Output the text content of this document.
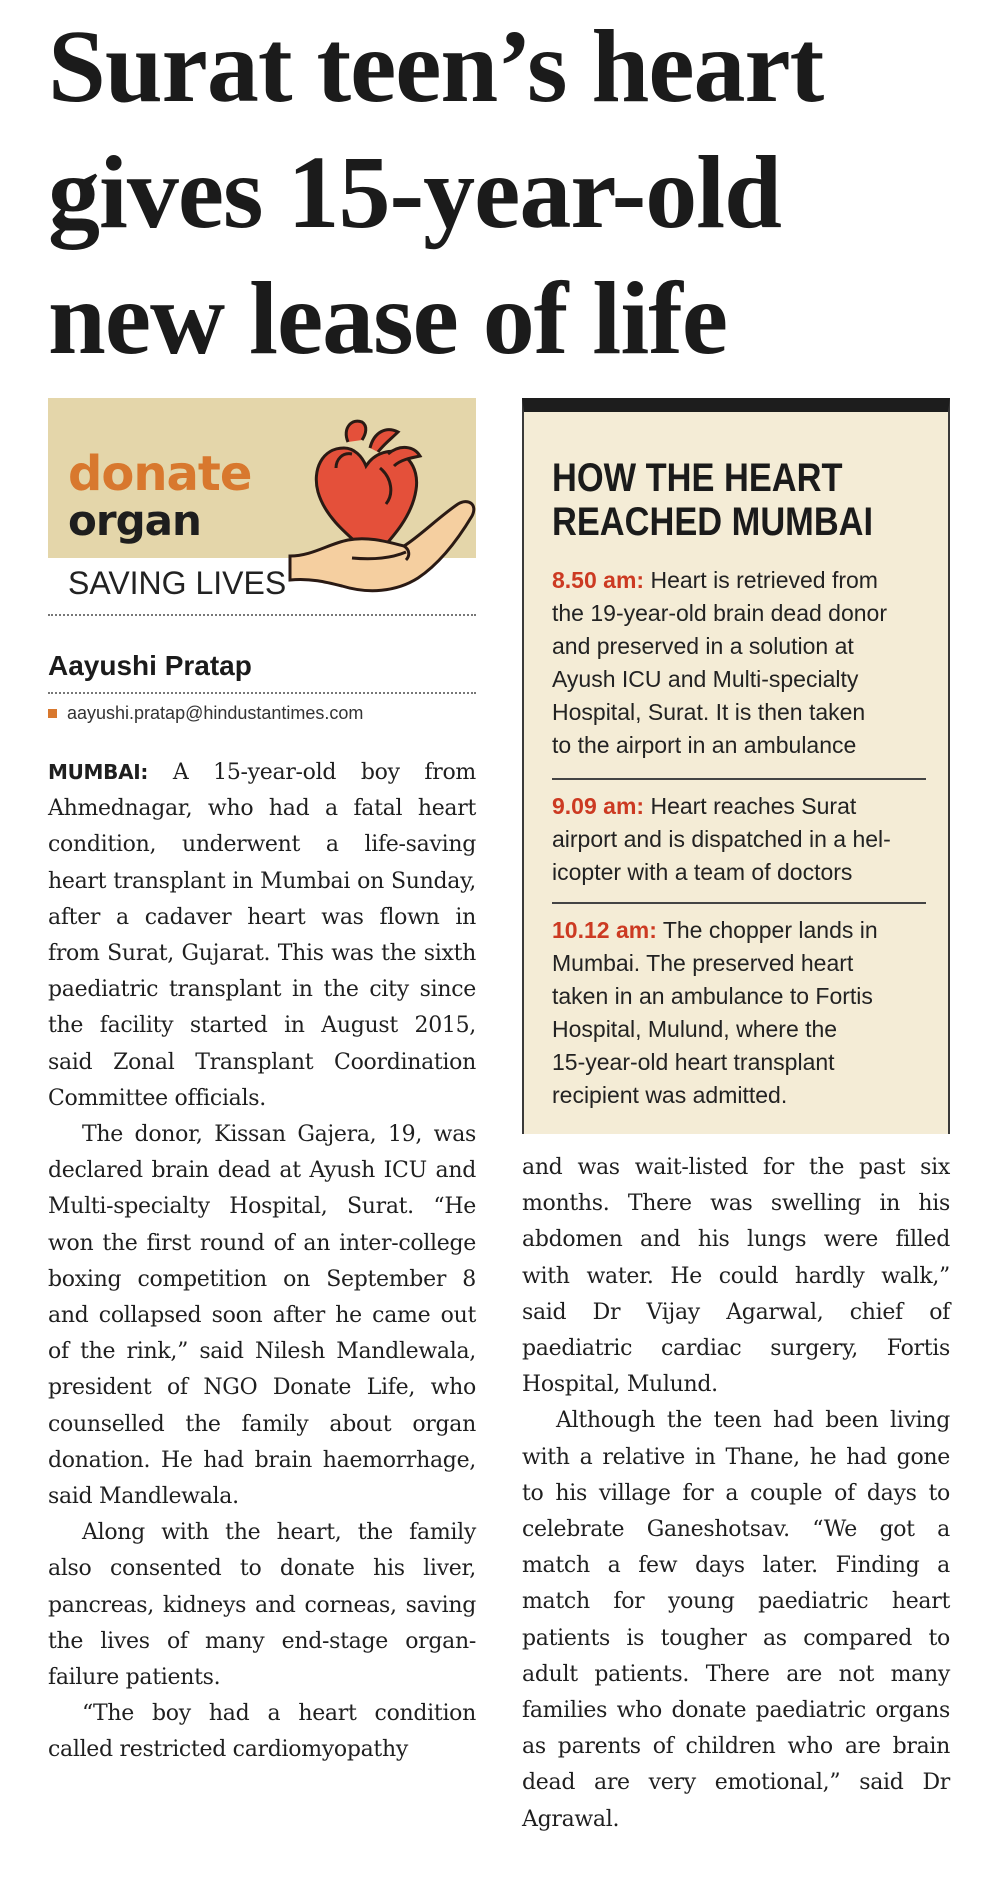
Surat teen’s heart
gives 15-year-old
new lease of life
donate
organ
SAVING LIVES
Aayushi Pratap
aayushi.pratap@hindustantimes.com
HOW THE HEART
REACHED MUMBAI
8.50 am: Heart is retrieved from
the 19-year-old brain dead donor
and preserved in a solution at
Ayush ICU and Multi-specialty
Hospital, Surat. It is then taken
to the airport in an ambulance
9.09 am: Heart reaches Surat
airport and is dispatched in a hel-
icopter with a team of doctors
10.12 am: The chopper lands in
Mumbai. The preserved heart
taken in an ambulance to Fortis
Hospital, Mulund, where the
15-year-old heart transplant
recipient was admitted.

MUMBAI: A 15-year-old boy from Ahmednagar, who had a fatal heart condition, underwent a life-saving heart transplant in Mumbai on Sunday, after a cadaver heart was flown in from Surat, Gujarat. This was the sixth paediatric transplant in the city since the facility started in August 2015, said Zonal Transplant Coordination Committee officials.

The donor, Kissan Gajera, 19, was declared brain dead at Ayush ICU and Multi-specialty Hospital, Surat. “He won the first round of an inter-college boxing competition on September 8 and collapsed soon after he came out of the rink,” said Nilesh Mandlewala, president of NGO Donate Life, who counselled the family about organ donation. He had brain haemorrhage, said Mandlewala.

Along with the heart, the family also consented to donate his liver, pancreas, kidneys and corneas, saving the lives of many end-stage organ-failure patients.

“The boy had a heart condition called restricted cardiomyopathy

and was wait-listed for the past six months. There was swelling in his abdomen and his lungs were filled with water. He could hardly walk,” said Dr Vijay Agarwal, chief of paediatric cardiac surgery, Fortis Hospital, Mulund.

Although the teen had been living with a relative in Thane, he had gone to his village for a couple of days to celebrate Ganeshotsav. “We got a match a few days later. Finding a match for young paediatric heart patients is tougher as compared to adult patients. There are not many families who donate paediatric organs as parents of children who are brain dead are very emotional,” said Dr Agrawal.
